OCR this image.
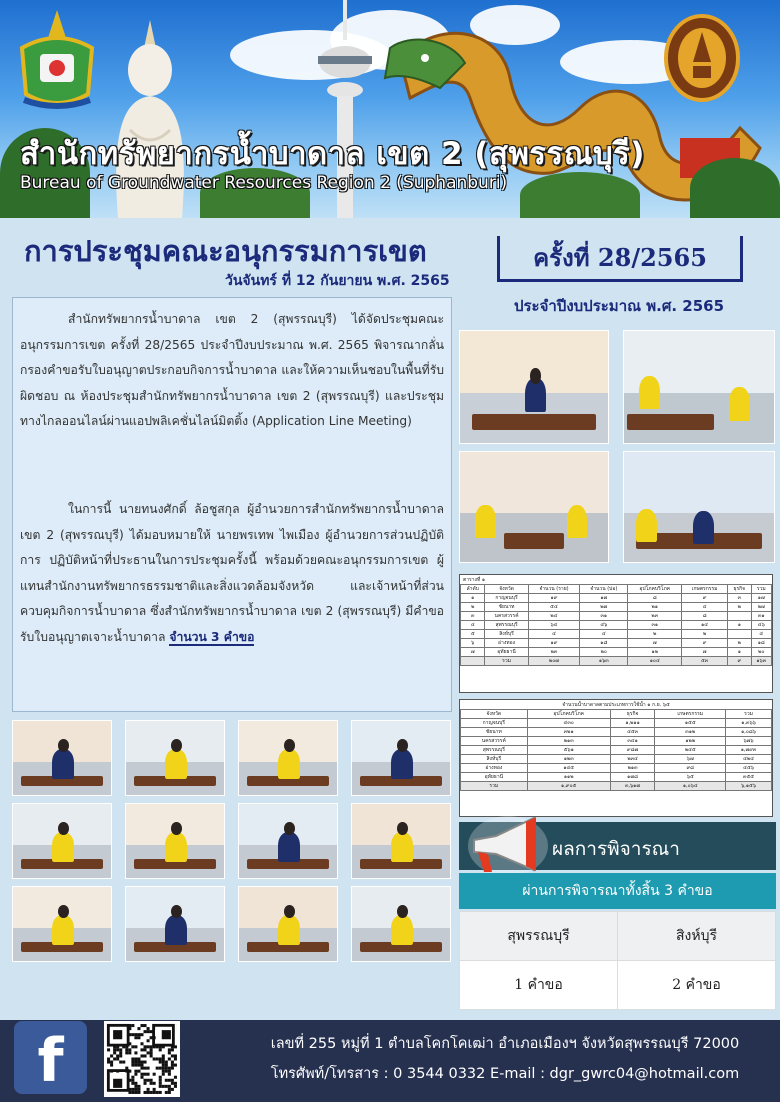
สำนักทรัพยากรน้ำบาดาล เขต 2 (สุพรรณบุรี)
Bureau of Groundwater Resources Region 2 (Suphanburi)
การประชุมคณะอนุกรรมการเขต
วันจันทร์ ที่ 12 กันยายน พ.ศ. 2565
ครั้งที่ 28/2565
ประจำปีงบประมาณ พ.ศ. 2565

สำนักทรัพยากรน้ำบาดาล เขต 2 (สุพรรณบุรี) ได้จัดประชุมคณะอนุกรรมการเขต ครั้งที่ 28/2565 ประจำปีงบประมาณ พ.ศ. 2565 พิจารณากลั่นกรองคำขอรับใบอนุญาตประกอบกิจการน้ำบาดาล และให้ความเห็นชอบในพื้นที่รับผิดชอบ ณ ห้องประชุมสำนักทรัพยากรน้ำบาดาล เขต 2 (สุพรรณบุรี) และประชุมทางไกลออนไลน์ผ่านแอปพลิเคชั่นไลน์มิตติ้ง (Application Line Meeting)

ในการนี้ นายทนงศักดิ์ ล้อชูสกุล ผู้อำนวยการสำนักทรัพยากรน้ำบาดาล เขต 2 (สุพรรณบุรี) ได้มอบหมายให้ นายพรเทพ ไพเมือง ผู้อำนวยการส่วนปฏิบัติการ ปฏิบัติหน้าที่ประธานในการประชุมครั้งนี้ พร้อมด้วยคณะอนุกรรมการเขต ผู้แทนสำนักงานทรัพยากรธรรมชาติและสิ่งแวดล้อมจังหวัด และเจ้าหน้าที่ส่วนควบคุมกิจการน้ำบาดาล ซึ่งสำนักทรัพยากรน้ำบาดาล เขต 2 (สุพรรณบุรี) มีคำขอรับใบอนุญาตเจาะน้ำบาดาล จำนวน 3 คำขอ

ตารางที่ ๑
ลำดับ	จังหวัด	จำนวน (ราย)	จำนวน (บ่อ)	อุปโภคบริโภค	เกษตรกรรม	ธุรกิจ	รวม
๑	กาญจนบุรี	๑๙	๑๗	๘	๙	๓	๑๗
๒	ชัยนาท	๕๔	๒๗	๒๑	๔	๒	๒๗
๓	นครสวรรค์	๒๔	๓๑	๒๓	๘		๓๑
๔	สุพรรณบุรี	๖๔	๔๖	๓๑	๑๔	๑	๔๖
๕	สิงห์บุรี	๔	๔	๒	๒		๔
๖	อ่างทอง	๑๙	๑๘	๗	๙	๒	๑๘
๗	อุทัยธานี	๒๓	๒๐	๑๒	๗	๑	๒๐
	รวม	๒๐๗	๑๖๓	๑๐๔	๕๓	๙	๑๖๓
จำนวนน้ำบาดาลตามประเภทการใช้น้ำ ๑ ก.ย. ๖๕
จังหวัด	อุปโภคบริโภค	ธุรกิจ	เกษตรกรรม	รวม
กาญจนบุรี	๔๓๐	๑,๒๑๑	๑๕๕	๑,๓๖๖
ชัยนาท	๓๒๑	๔๕๓	๓๑๒	๑,๐๘๖
นครสวรรค์	๒๑๓	๓๔๑	๑๒๒	๖๗๖
สุพรรณบุรี	๕๖๑	๙๘๗	๒๔๕	๑,๗๙๓
สิงห์บุรี	๑๒๓	๒๓๔	๖๗	๔๒๔
อ่างทอง	๑๔๕	๒๑๓	๙๘	๔๕๖
อุทัยธานี	๑๑๒	๑๗๘	๖๕	๓๕๕
รวม	๑,๙๐๕	๓,๖๑๗	๑,๐๖๔	๖,๑๕๖
ผลการพิจารณา
ผ่านการพิจารณาทั้งสิ้น 3 คำขอ
สุพรรณบุรี	สิงห์บุรี
1 คำขอ	2 คำขอ
f	เลขที่ 255 หมู่ที่ 1 ตำบลโคกโคเฒ่า อำเภอเมืองฯ จังหวัดสุพรรณบุรี 72000
โทรศัพท์/โทรสาร : 0 3544 0332 E-mail : dgr_gwrc04@hotmail.com
